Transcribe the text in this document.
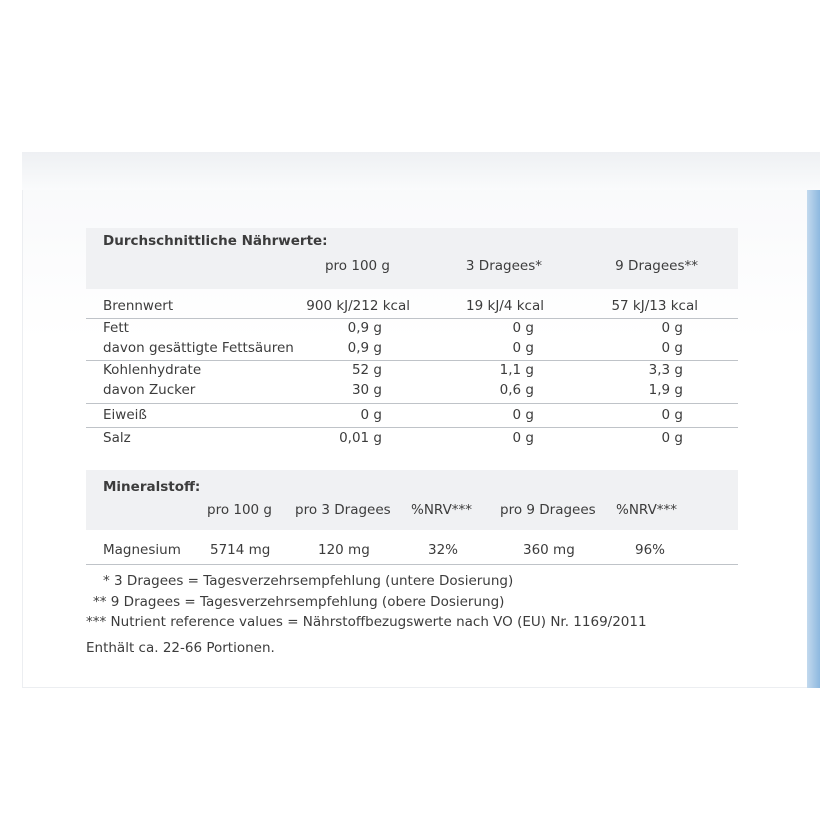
Durchschnittliche Nährwerte:
pro 100 g	3 Dragees*	9 Dragees**
Brennwert	900 kJ/212 kcal	19 kJ/4 kcal	57 kJ/13 kcal
Fett	0,9 g	0 g	0 g
davon gesättigte Fettsäuren	0,9 g	0 g	0 g
Kohlenhydrate	52 g	1,1 g	3,3 g
davon Zucker	30 g	0,6 g	1,9 g
Eiweiß	0 g	0 g	0 g
Salz	0,01 g	0 g	0 g
Mineralstoff:
pro 100 g pro 3 Dragees %NRV*** pro 9 Dragees %NRV***
Magnesium 5714 mg	120 mg	32%	360 mg	96%
* 3 Dragees = Tagesverzehrsempfehlung (untere Dosierung)
** 9 Dragees = Tagesverzehrsempfehlung (obere Dosierung)
*** Nutrient reference values = Nährstoffbezugswerte nach VO (EU) Nr. 1169/2011
Enthält ca. 22-66 Portionen.
